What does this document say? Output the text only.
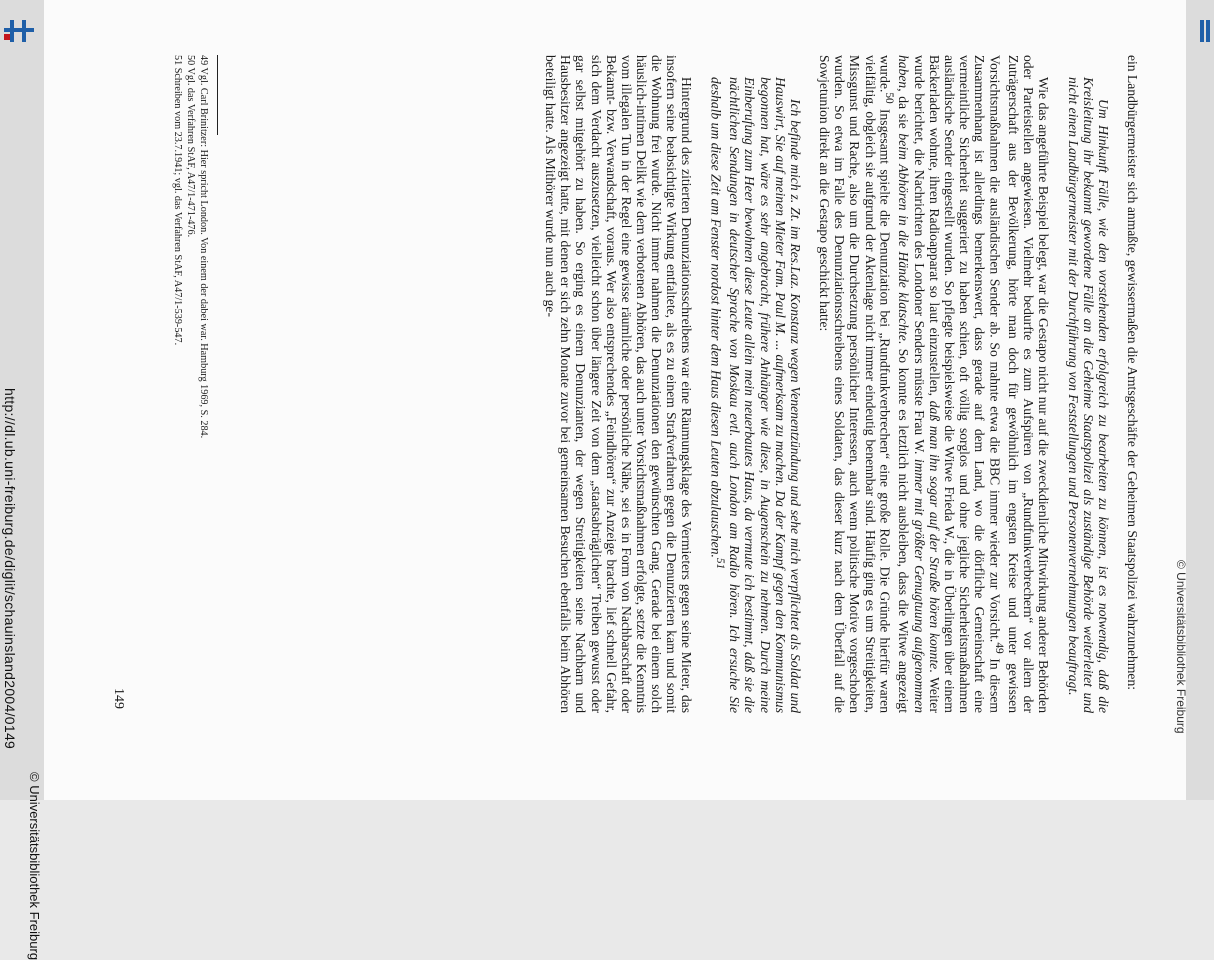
http://dl.ub.uni-freiburg.de/diglit/schauinsland2004/0149
© Universitätsbibliothek Freiburg

ein Landbürgermeister sich anmaßte, gewissermaßen die Amtsgeschäfte der Geheimen Staatspolizei wahrzunehmen:

Um Hinkunft Fälle, wie den vorstehenden erfolgreich zu bearbeiten zu können, ist es notwendig, daß die Kreisleitung ihr bekannt gewordene Fälle an die Geheime Staatspolizei als zuständige Behörde weiterleitet und nicht einen Landbürgermeister mit der Durchführung von Feststellungen und Personenvernehmungen beauftragt.

Wie das angeführte Beispiel belegt, war die Gestapo nicht nur auf die zweckdienliche Mitwirkung anderer Behörden oder Parteistellen angewiesen. Vielmehr bedurfte es zum Aufspüren von „Rundfunkverbrechern“ vor allem der Zuträgerschaft aus der Bevölkerung, hörte man doch für gewöhnlich im engsten Kreise und unter gewissen Vorsichtsmaßnahmen die ausländischen Sender ab. So mahnte etwa die BBC immer wieder zur Vorsicht.$^{49}$ In diesem Zusammenhang ist allerdings bemerkenswert, dass gerade auf dem Land, wo die dörfliche Gemeinschaft eine vermeintliche Sicherheit suggeriert zu haben schien, oft völlig sorglos und ohne jegliche Sicherheitsmaßnahmen ausländische Sender eingestellt wurden. So pflegte beispielsweise die Witwe Frieda W., die in Überlingen über einem Bäckerladen wohnte, ihren Radioapparat so laut einzustellen, daß man ihn sogar auf der Straße hören konnte. Weiter wurde berichtet, die Nachrichten des Londoner Senders müsste Frau W. immer mit größter Genugtuung aufgenommen haben, da sie beim Abhören in die Hände klatschte. So konnte es letztlich nicht ausbleiben, dass die Witwe angezeigt wurde.$^{50}$ Insgesamt spielte die Denunziation bei „Rundfunkverbrechen“ eine große Rolle. Die Gründe hierfür waren vielfältig, obgleich sie aufgrund der Aktenlage nicht immer eindeutig benennbar sind. Häufig ging es um Streitigkeiten, Missgunst und Rache, also um die Durchsetzung persönlicher Interessen, auch wenn politische Motive vorgeschoben wurden. So etwa im Falle des Denunziationsschreibens eines Soldaten, das dieser kurz nach dem Überfall auf die Sowjetunion direkt an die Gestapo geschickt hatte:

Ich befinde mich z. Zt. im Res.Laz. Konstanz wegen Venenentzündung und sehe mich verpflichtet als Soldat und Hauswirt, Sie auf meinen Mieter Fam. Paul M. ... aufmerksam zu machen. Da der Kampf gegen den Kommunismus begonnen hat, wäre es sehr angebracht, frühere Anhänger wie diese, in Augenschein zu nehmen. Durch meine Einberufung zum Heer bewohnen diese Leute allein mein neuerbautes Haus, da vermute ich bestimmt, daß sie die nächtlichen Sendungen in deutscher Sprache von Moskau evtl. auch London am Radio hören. Ich ersuche Sie deshalb um diese Zeit am Fenster nordost hinter dem Haus diesen Leuten abzulauschen.$^{51}$

Hintergrund des zitierten Denunziationsschreibens war eine Räumungsklage des Vermieters gegen seine Mieter, das insofern seine beabsichtigte Wirkung entfaltete, als es zu einem Strafverfahren gegen die Denunzierten kam und somit die Wohnung frei wurde. Nicht immer nahmen die Denunziationen den gewünschten Gang. Gerade bei einem solch häuslich-intimen Delikt wie dem verbotenen Abhören, das auch unter Vorsichtsmaßnahmen erfolgte, setzte die Kenntnis vom illegalen Tun in der Regel eine gewisse räumliche oder persönliche Nähe, sei es in Form von Nachbarschaft oder Bekannt- bzw. Verwandschaft, voraus. Wer also entsprechendes „Feindhören“ zur Anzeige brachte, lief schnell Gefahr, sich dem Verdacht auszusetzen, vielleicht schon über längere Zeit von dem „staatsabträglichen“ Treiben gewusst oder gar selbst mitgehört zu haben. So erging es einem Denunzianten, der wegen Streitigkeiten seine Nachbarn und Hausbesitzer angezeigt hatte, mit denen er sich zehn Monate zuvor bei gemeinsamen Besuchen ebenfalls beim Abhören beteiligt hatte. Als Mithörer wurde nun auch ge-

49 Vgl. Carl Brinitzer: Hier spricht London. Von einem der dabei war. Hamburg 1969, S. 284.
50 Vgl. das Verfahren StAF, A47/1-471-476.
51 Schreiben vom 23.7.1941; vgl. das Verfahren StAF, A47/1-539-547.
149	© Universitätsbibliothek Freiburg
